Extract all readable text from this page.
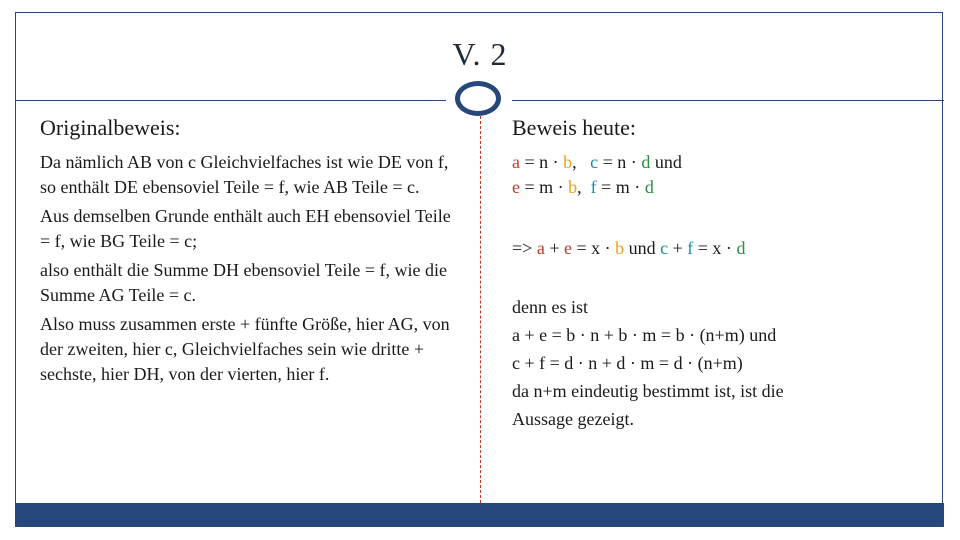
V. 2
Originalbeweis:	Beweis heute:

Da nämlich AB von c Gleichvielfaches ist wie DE von f, so enthält DE ebensoviel Teile = f, wie AB Teile = c.

Aus demselben Grunde enthält auch EH ebensoviel Teile = f, wie BG Teile = c;

also enthält die Summe DH ebensoviel Teile = f, wie die Summe AG Teile = c.

Also muss zusammen erste + fünfte Größe, hier AG, von der zweiten, hier c, Gleichvielfaches sein wie dritte + sechste, hier DH, von der vierten, hier f.

a = n · b,   c = n · d und

e = m · b,  f = m · d

=> a + e = x · b und c + f = x · d

denn es ist
a + e = b · n + b · m = b · (n+m) und
c + f = d · n + d · m = d · (n+m)
da n+m eindeutig bestimmt ist, ist die
Aussage gezeigt.
